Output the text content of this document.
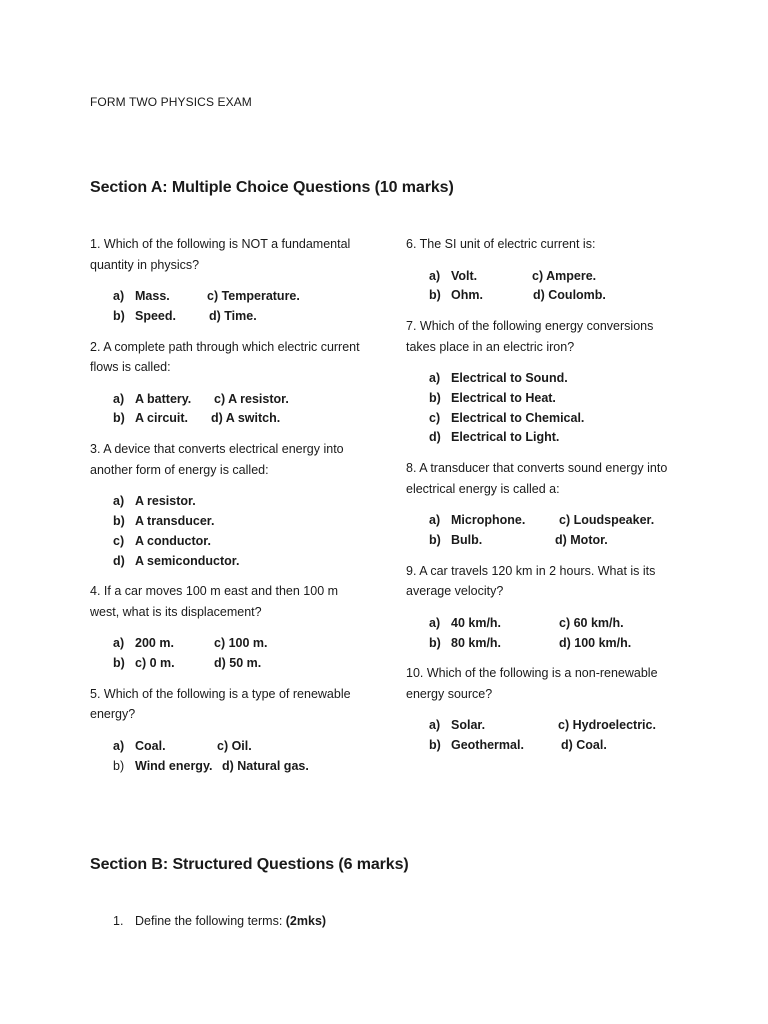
FORM TWO PHYSICS EXAM
Section A: Multiple Choice Questions (10 marks)

1. Which of the following is NOT a fundamental quantity in physics?

a) Mass.	c) Temperature.
b) Speed.	d) Time.

2. A complete path through which electric current flows is called:

a) A battery.	c) A resistor.
b) A circuit.	d) A switch.

3. A device that converts electrical energy into another form of energy is called:

a) A resistor.
b) A transducer.
c) A conductor.
d) A semiconductor.

4. If a car moves 100 m east and then 100 m west, what is its displacement?

a) 200 m.	c) 100 m.
b) c) 0 m.	d) 50 m.

5. Which of the following is a type of renewable energy?

a) Coal.	c) Oil.
b) Wind energy. d) Natural gas.

6. The SI unit of electric current is:

a) Volt.	c) Ampere.
b) Ohm.	d) Coulomb.

7. Which of the following energy conversions takes place in an electric iron?

a) Electrical to Sound.
b) Electrical to Heat.
c) Electrical to Chemical.
d) Electrical to Light.

8. A transducer that converts sound energy into electrical energy is called a:

a) Microphone.	c) Loudspeaker.
b) Bulb.	d) Motor.

9. A car travels 120 km in 2 hours. What is its average velocity?

a) 40 km/h.	c) 60 km/h.
b) 80 km/h.	d) 100 km/h.

10. Which of the following is a non-renewable energy source?

a) Solar.	c) Hydroelectric.
b) Geothermal.	d) Coal.
Section B: Structured Questions (6 marks)
1. Define the following terms: (2mks)
